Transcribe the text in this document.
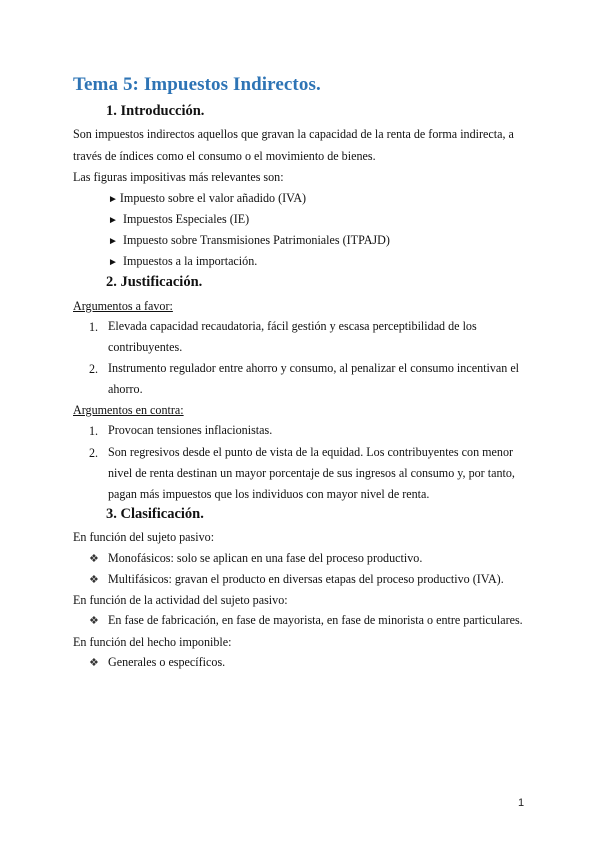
Tema 5: Impuestos Indirectos.
1. Introducción.

Son impuestos indirectos aquellos que gravan la capacidad de la renta de forma indirecta, a

través de índices como el consumo o el movimiento de bienes.

Las figuras impositivas más relevantes son:

► Impuesto sobre el valor añadido (IVA)

► Impuestos Especiales (IE)

► Impuesto sobre Transmisiones Patrimoniales (ITPAJD)

► Impuestos a la importación.

2. Justificación.

Argumentos a favor:

1. Elevada capacidad recaudatoria, fácil gestión y escasa perceptibilidad de los
contribuyentes.

2. Instrumento regulador entre ahorro y consumo, al penalizar el consumo incentivan el
ahorro.

Argumentos en contra:

1. Provocan tensiones inflacionistas.

2. Son regresivos desde el punto de vista de la equidad. Los contribuyentes con menor
nivel de renta destinan un mayor porcentaje de sus ingresos al consumo y, por tanto,
pagan más impuestos que los individuos con mayor nivel de renta.

3. Clasificación.

En función del sujeto pasivo:

❖ Monofásicos: solo se aplican en una fase del proceso productivo.

❖ Multifásicos: gravan el producto en diversas etapas del proceso productivo (IVA).

En función de la actividad del sujeto pasivo:

❖ En fase de fabricación, en fase de mayorista, en fase de minorista o entre particulares.

En función del hecho imponible:

❖ Generales o específicos.

1
